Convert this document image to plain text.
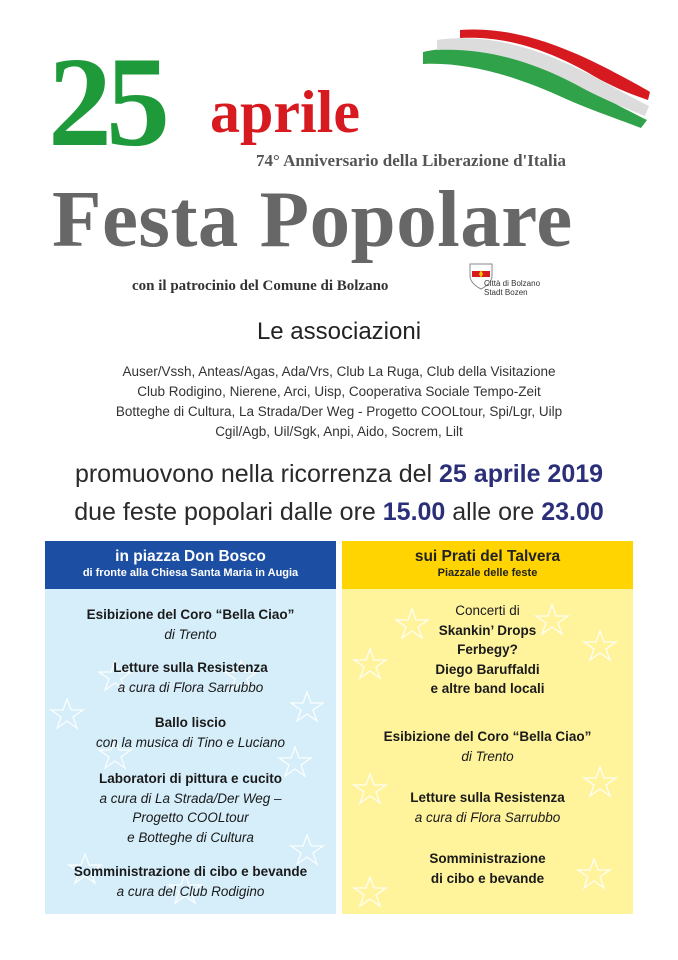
25 aprile
74° Anniversario della Liberazione d'Italia
Festa Popolare
con il patrocinio del Comune di Bolzano	Città di Bolzano
Stadt Bozen
Le associazioni
Auser/Vssh, Anteas/Agas, Ada/Vrs, Club La Ruga, Club della Visitazione
Club Rodigino, Nierene, Arci, Uisp, Cooperativa Sociale Tempo-Zeit
Botteghe di Cultura, La Strada/Der Weg - Progetto COOLtour, Spi/Lgr, Uilp
Cgil/Agb, Uil/Sgk, Anpi, Aido, Socrem, Lilt
promuovono nella ricorrenza del 25 aprile 2019
due feste popolari dalle ore 15.00 alle ore 23.00
in piazza Don Bosco
di fronte alla Chiesa Santa Maria in Augia
Esibizione del Coro “Bella Ciao”
di Trento
Letture sulla Resistenza
a cura di Flora Sarrubbo
Ballo liscio
con la musica di Tino e Luciano
Laboratori di pittura e cucito
a cura di La Strada/Der Weg –
Progetto COOLtour
e Botteghe di Cultura
Somministrazione di cibo e bevande
a cura del Club Rodigino
sui Prati del Talvera
Piazzale delle feste
Concerti di
Skankin’ Drops
Ferbegy?
Diego Baruffaldi
e altre band locali
Esibizione del Coro “Bella Ciao”
di Trento
Letture sulla Resistenza
a cura di Flora Sarrubbo
Somministrazione
di cibo e bevande
